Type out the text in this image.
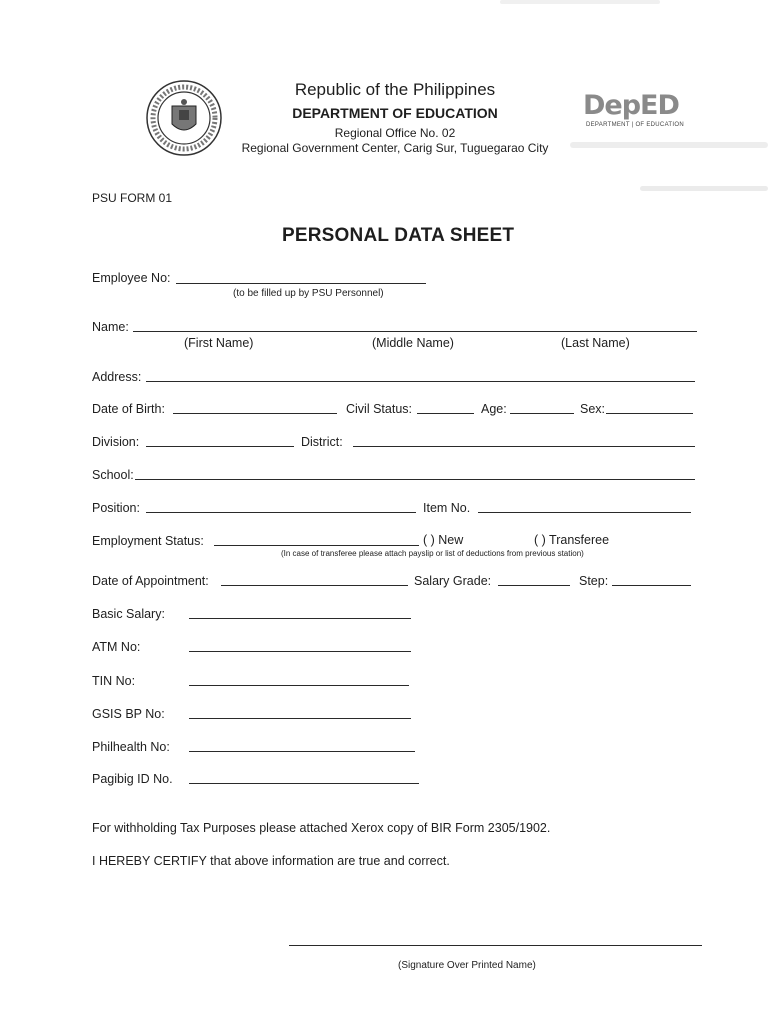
Republic of the Philippines
DEPARTMENT OF EDUCATION
Regional Office No. 02
Regional Government Center, Carig Sur, Tuguegarao City
DepED
DEPARTMENT | OF EDUCATION
PSU FORM 01
PERSONAL DATA SHEET
Employee No:
(to be filled up by PSU Personnel)
Name:
(First Name)	(Middle Name)	(Last Name)
Address:
Date of Birth:	Civil Status:	Age:	Sex:
Division:	District:
School:
Position:	Item No.
Employment Status:	( ) New	( ) Transferee
(In case of transferee please attach payslip or list of deductions from previous station)
Date of Appointment:	Salary Grade:	Step:
Basic Salary:
ATM No:
TIN No:
GSIS BP No:
Philhealth No:
Pagibig ID No.
For withholding Tax Purposes please attached Xerox copy of BIR Form 2305/1902.
I HEREBY CERTIFY that above information are true and correct.
(Signature Over Printed Name)
